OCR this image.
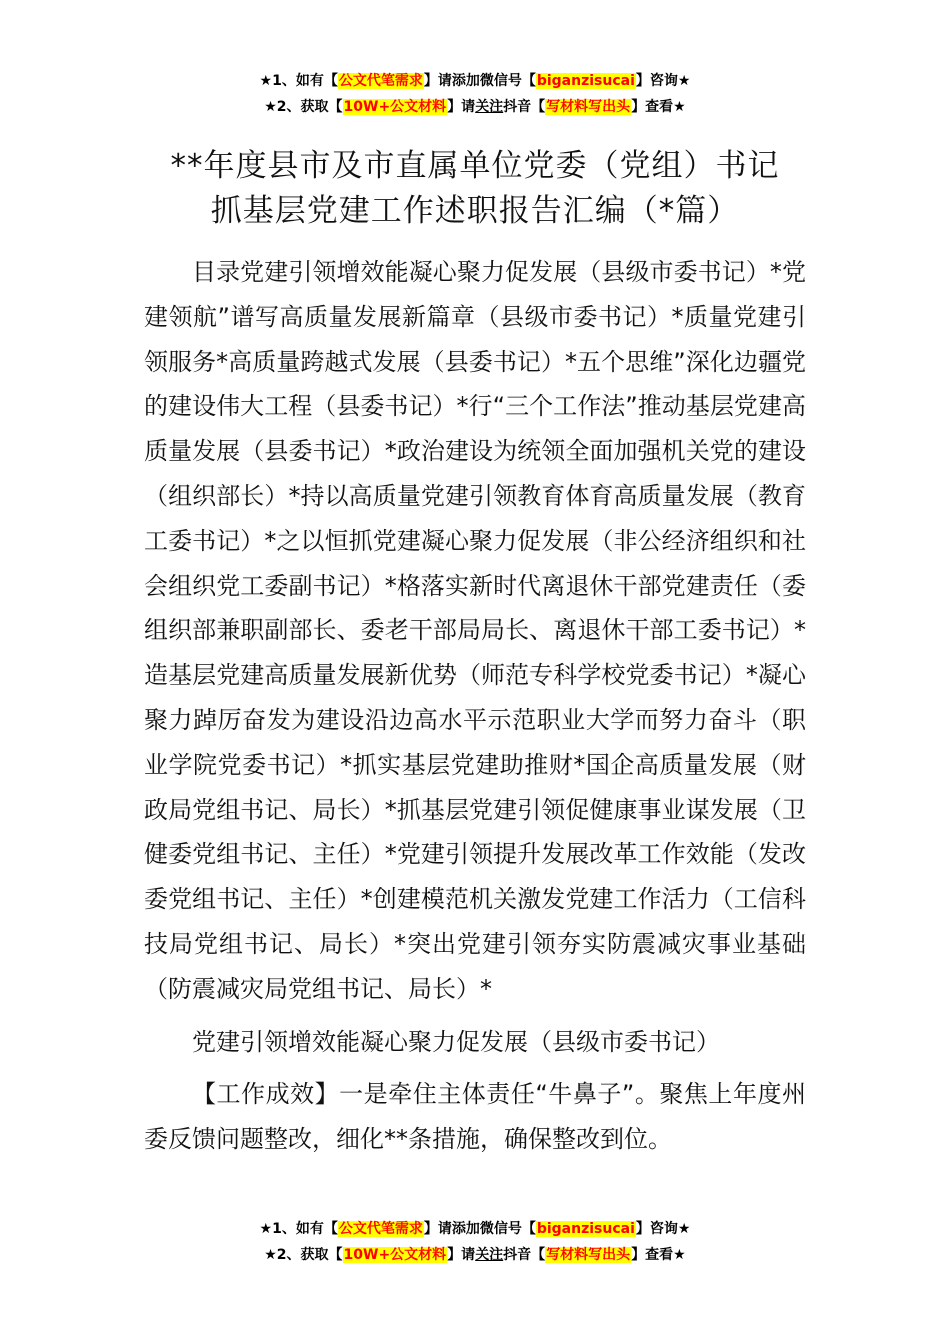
★1、如有【公文代笔需求】请添加微信号【biganzisucai】咨询★
★2、获取【10W+公文材料】请关注抖音【写材料写出头】查看★
**年度县市及市直属单位党委（党组）书记
抓基层党建工作述职报告汇编（*篇）

目录党建引领增效能凝心聚力促发展（县级市委书记）*党建领航”谱写高质量发展新篇章（县级市委书记）*质量党建引领服务*高质量跨越式发展（县委书记）*五个思维”深化边疆党的建设伟大工程（县委书记）*行“三个工作法”推动基层党建高质量发展（县委书记）*政治建设为统领全面加强机关党的建设（组织部长）*持以高质量党建引领教育体育高质量发展（教育工委书记）*之以恒抓党建凝心聚力促发展（非公经济组织和社会组织党工委副书记）*格落实新时代离退休干部党建责任（委组织部兼职副部长、委老干部局局长、离退休干部工委书记）*造基层党建高质量发展新优势（师范专科学校党委书记）*凝心聚力踔厉奋发为建设沿边高水平示范职业大学而努力奋斗（职业学院党委书记）*抓实基层党建助推财*国企高质量发展（财政局党组书记、局长）*抓基层党建引领促健康事业谋发展（卫健委党组书记、主任）*党建引领提升发展改革工作效能（发改委党组书记、主任）*创建模范机关激发党建工作活力（工信科技局党组书记、局长）*突出党建引领夯实防震减灾事业基础（防震减灾局党组书记、局长）*

党建引领增效能凝心聚力促发展（县级市委书记）

【工作成效】一是牵住主体责任“牛鼻子”。聚焦上年度州委反馈问题整改，细化**条措施，确保整改到位。

★1、如有【公文代笔需求】请添加微信号【biganzisucai】咨询★
★2、获取【10W+公文材料】请关注抖音【写材料写出头】查看★
